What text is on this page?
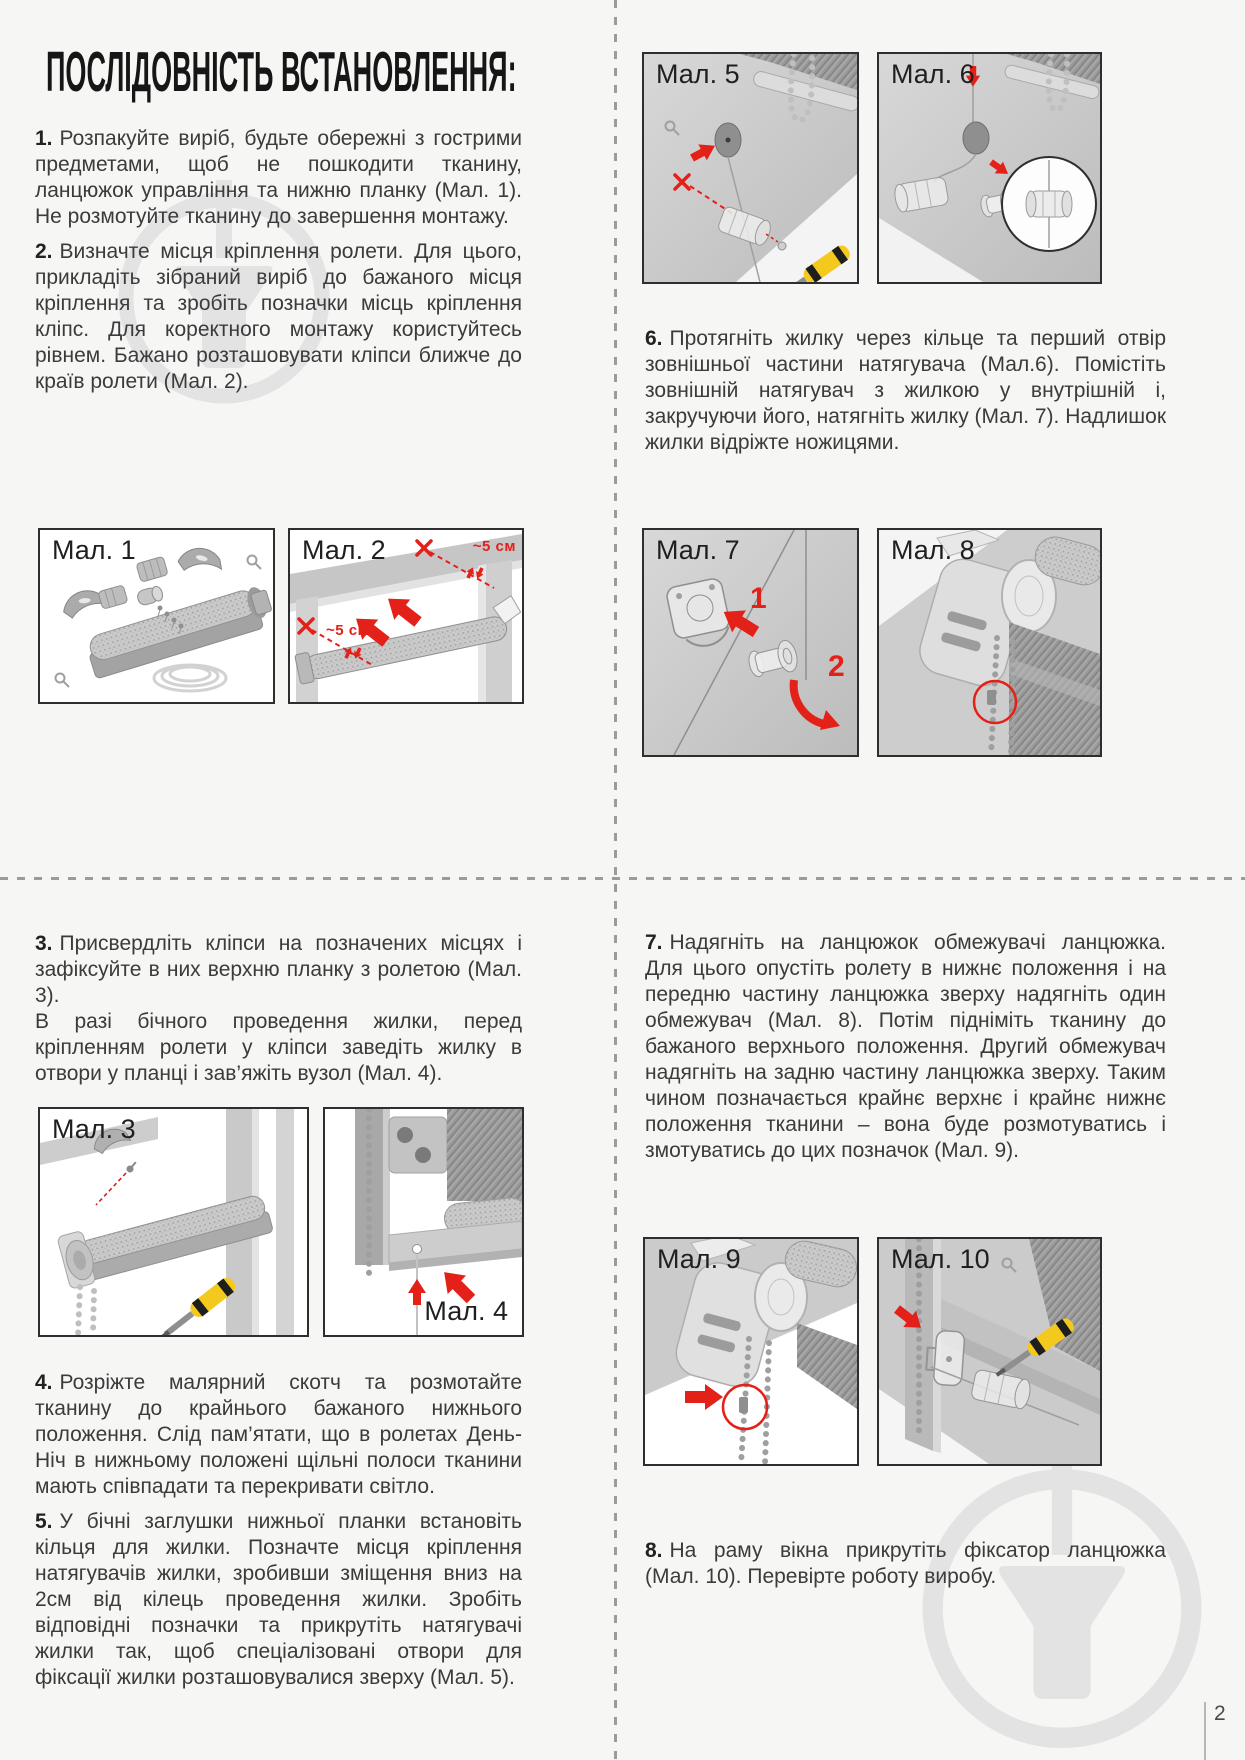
ПОСЛІДОВНІСТЬ ВСТАНОВЛЕННЯ:

1. Розпакуйте виріб, будьте обережні з гострими предметами, щоб не пошкодити тканину, ланцюжок управління та нижню планку (Мал. 1). Не розмотуйте тканину до завершення монтажу.

2. Визначте місця кріплення ролети. Для цього, прикладіть зібраний виріб до бажаного місця кріплення та зробіть позначки місць кріплення кліпс. Для коректного монтажу користуйтесь рівнем. Бажано розташовувати кліпси ближче до країв ролети (Мал. 2).

Мал. 1	~5 см
~5 см
Мал. 2
Мал. 5	Мал. 6

6. Протягніть жилку через кільце та перший отвір зовнішньої частини натягувача (Мал.6). Помістіть зовнішній натягувач з жилкою у внутрішній і, закручуючи його, натягніть жилку (Мал. 7). Надлишок жилки відріжте ножицями.

1
2
Мал. 7	Мал. 8

3. Присвердліть кліпси на позначених місцях і зафіксуйте в них верхню планку з ролетою (Мал. 3).

В разі бічного проведення жилки, перед кріпленням ролети у кліпси заведіть жилку в отвори у планці і зав’яжіть вузол (Мал. 4).

Мал. 3
Мал. 4

4. Розріжте малярний скотч та розмотайте тканину до крайнього бажаного нижнього положення. Слід пам’ятати, що в ролетах День-Ніч в нижньому положені щільні полоси тканини мають співпадати та перекривати світло.

5. У бічні заглушки нижньої планки встановіть кільця для жилки. Позначте місця кріплення натягувачів жилки, зробивши зміщення вниз на 2см від кілець проведення жилки. Зробіть відповідні позначки та прикрутіть натягувачі жилки так, щоб спеціалізовані отвори для фіксації жилки розташовувалися зверху (Мал. 5).

7. Надягніть на ланцюжок обмежувачі ланцюжка. Для цього опустіть ролету в нижнє положення і на передню частину ланцюжка зверху надягніть один обмежувач (Мал. 8). Потім підніміть тканину до бажаного верхнього положення. Другий обмежувач надягніть на задню частину ланцюжка зверху. Таким чином позначається крайнє верхнє і крайнє нижнє положення тканини – вона буде розмотуватись і змотуватись до цих позначок (Мал. 9).

Мал. 9	Мал. 10

8. На раму вікна прикрутіть фіксатор ланцюжка (Мал. 10). Перевірте роботу виробу.

2
